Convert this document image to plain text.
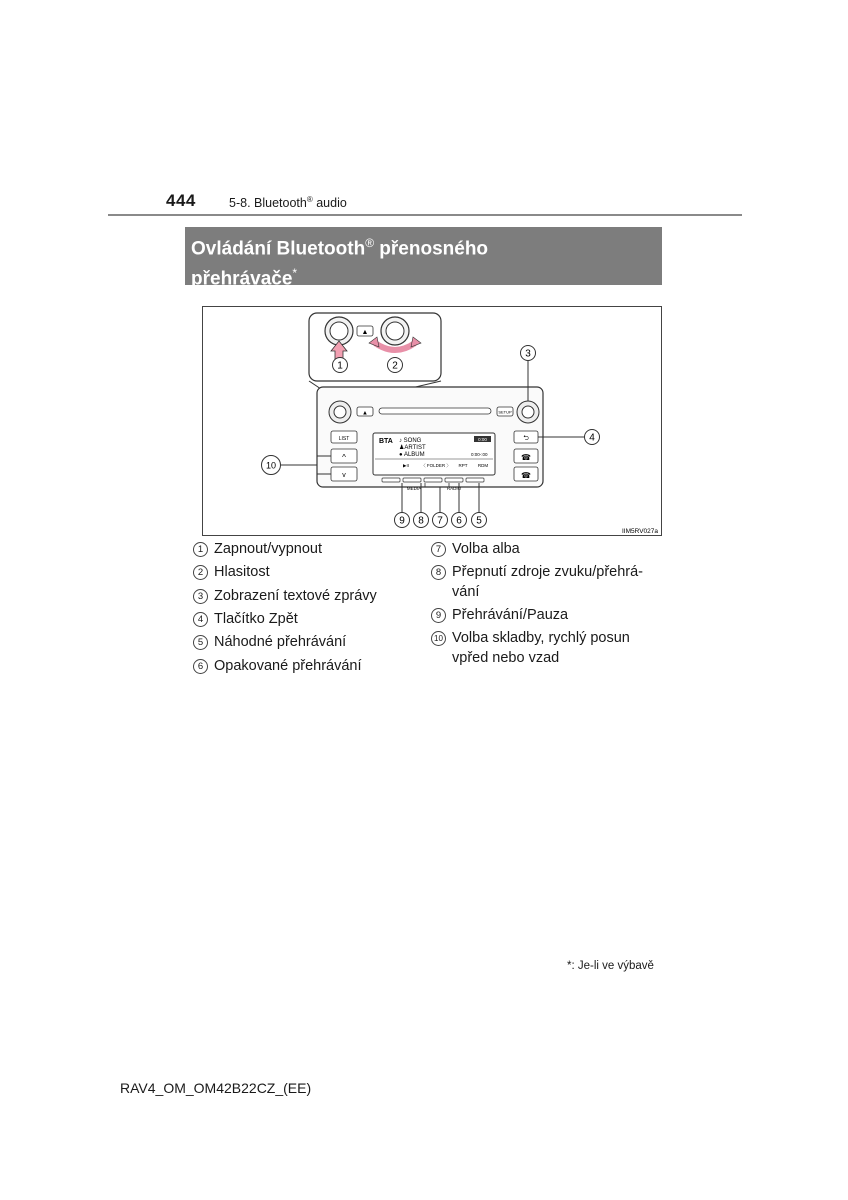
444	5-8. Bluetooth® audio
Ovládání Bluetooth® přenosného
přehrávače*
▲
1	2
▲	SETUP
LIST
^
v
⮌
☎
☎
BTA ♪ SONG
♟ARTIST
● ALBUM
0:00
0:00-:00
▶II	〈 FOLDER 〉 RPT RDM
MEDIA	RADIO
3
4
10
9 8 7 6 5
IIM5RV027a
1 Zapnout/vypnout
2 Hlasitost
3 Zobrazení textové zprávy
4 Tlačítko Zpět
5 Náhodné přehrávání
6 Opakované přehrávání
7 Volba alba
8 Přepnutí zdroje zvuku/přehrá-vání
9 Přehrávání/Pauza
10 Volba skladby, rychlý posun vpřed nebo vzad
*: Je-li ve výbavě
RAV4_OM_OM42B22CZ_(EE)
